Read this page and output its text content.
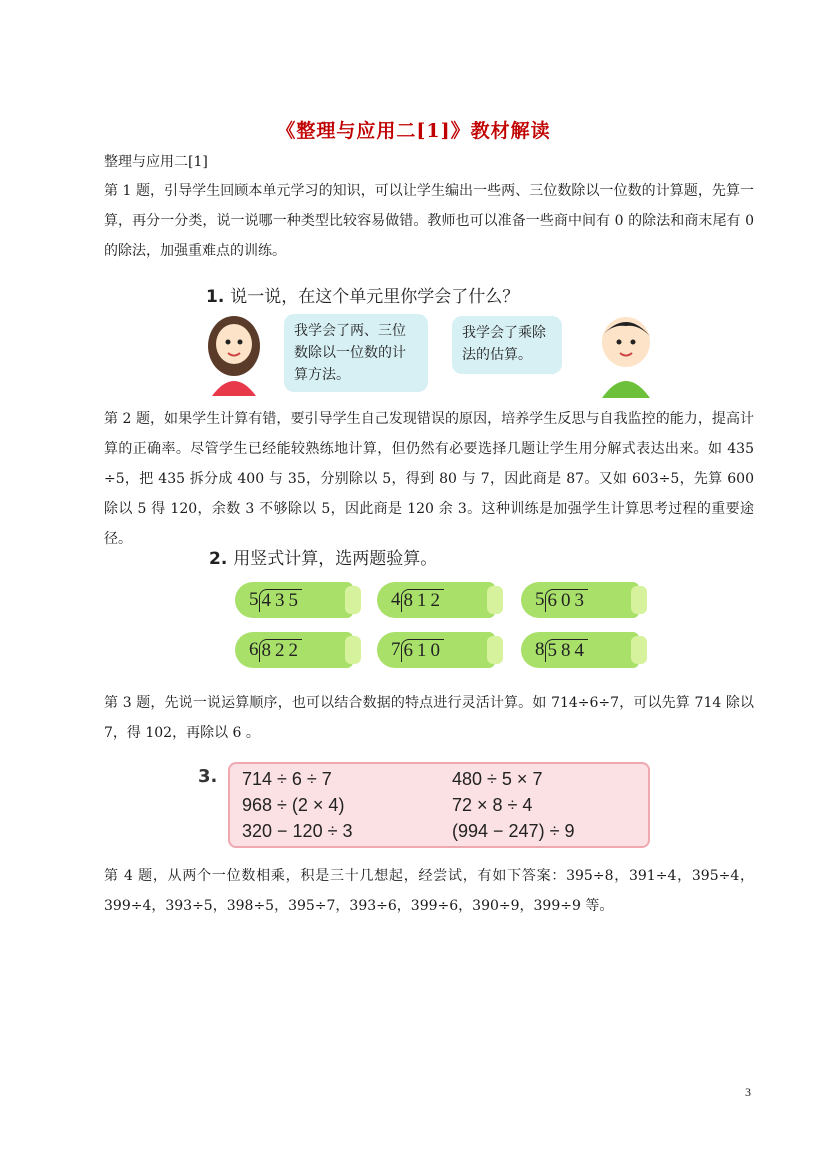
《整理与应用二[1]》教材解读
整理与应用二[1]
第 1 题，引导学生回顾本单元学习的知识，可以让学生编出一些两、三位数除以一位数的计算题，先算一算，再分一分类，说一说哪一种类型比较容易做错。教师也可以准备一些商中间有 0 的除法和商末尾有 0 的除法，加强重难点的训练。
1. 说一说，在这个单元里你学会了什么？
我学会了两、三位数除以一位数的计算方法。
我学会了乘除法的估算。
第 2 题，如果学生计算有错，要引导学生自己发现错误的原因，培养学生反思与自我监控的能力，提高计算的正确率。尽管学生已经能较熟练地计算，但仍然有必要选择几题让学生用分解式表达出来。如 435 ÷5，把 435 拆分成 400 与 35，分别除以 5，得到 80 与 7，因此商是 87。又如 603÷5，先算 600 除以 5 得 120，余数 3 不够除以 5，因此商是 120 余 3。这种训练是加强学生计算思考过程的重要途径。
2. 用竖式计算，选两题验算。
5 435	4 812	5 603
6 822	7 610	8 584
第 3 题，先说一说运算顺序，也可以结合数据的特点进行灵活计算。如 714÷6÷7，可以先算 714 除以 7，得 102，再除以 6 。
3. 714 ÷ 6 ÷ 7	480 ÷ 5 × 7
968 ÷ (2 × 4)	72 × 8 ÷ 4
320 − 120 ÷ 3	(994 − 247) ÷ 9
第 4 题，从两个一位数相乘，积是三十几想起，经尝试，有如下答案：395÷8，391÷4，395÷4，399÷4，393÷5，398÷5，395÷7，393÷6，399÷6，390÷9，399÷9 等。
3
